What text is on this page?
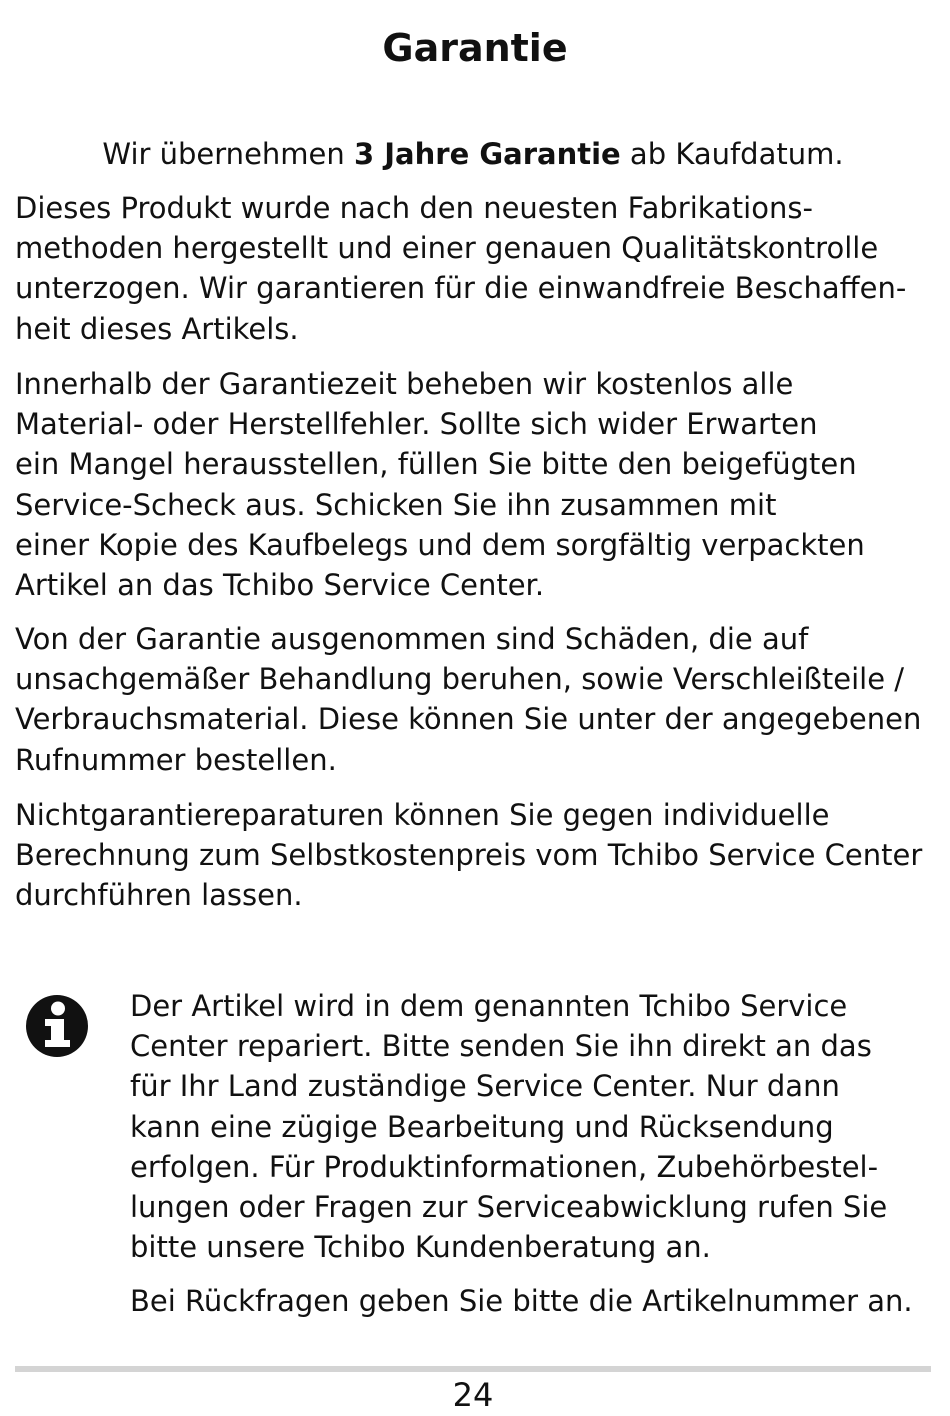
Garantie

Wir übernehmen 3 Jahre Garantie ab Kaufdatum.

Dieses Produkt wurde nach den neuesten Fabrikations-
methoden hergestellt und einer genauen Qualitätskontrolle
unterzogen. Wir garantieren für die einwandfreie Beschaffen-
heit dieses Artikels.

Innerhalb der Garantiezeit beheben wir kostenlos alle
Material- oder Herstellfehler. Sollte sich wider Erwarten
ein Mangel herausstellen, füllen Sie bitte den beigefügten
Service-Scheck aus. Schicken Sie ihn zusammen mit
einer Kopie des Kaufbelegs und dem sorgfältig verpackten
Artikel an das Tchibo Service Center.

Von der Garantie ausgenommen sind Schäden, die auf
unsachgemäßer Behandlung beruhen, sowie Verschleißteile /
Verbrauchsmaterial. Diese können Sie unter der angegebenen
Rufnummer bestellen.

Nichtgarantiereparaturen können Sie gegen individuelle
Berechnung zum Selbstkostenpreis vom Tchibo Service Center
durchführen lassen.

Der Artikel wird in dem genannten Tchibo Service
Center repariert. Bitte senden Sie ihn direkt an das
für Ihr Land zuständige Service Center. Nur dann
kann eine zügige Bearbeitung und Rücksendung
erfolgen. Für Produktinformationen, Zubehörbestel-
lungen oder Fragen zur Serviceabwicklung rufen Sie
bitte unsere Tchibo Kundenberatung an.

Bei Rückfragen geben Sie bitte die Artikelnummer an.

24
